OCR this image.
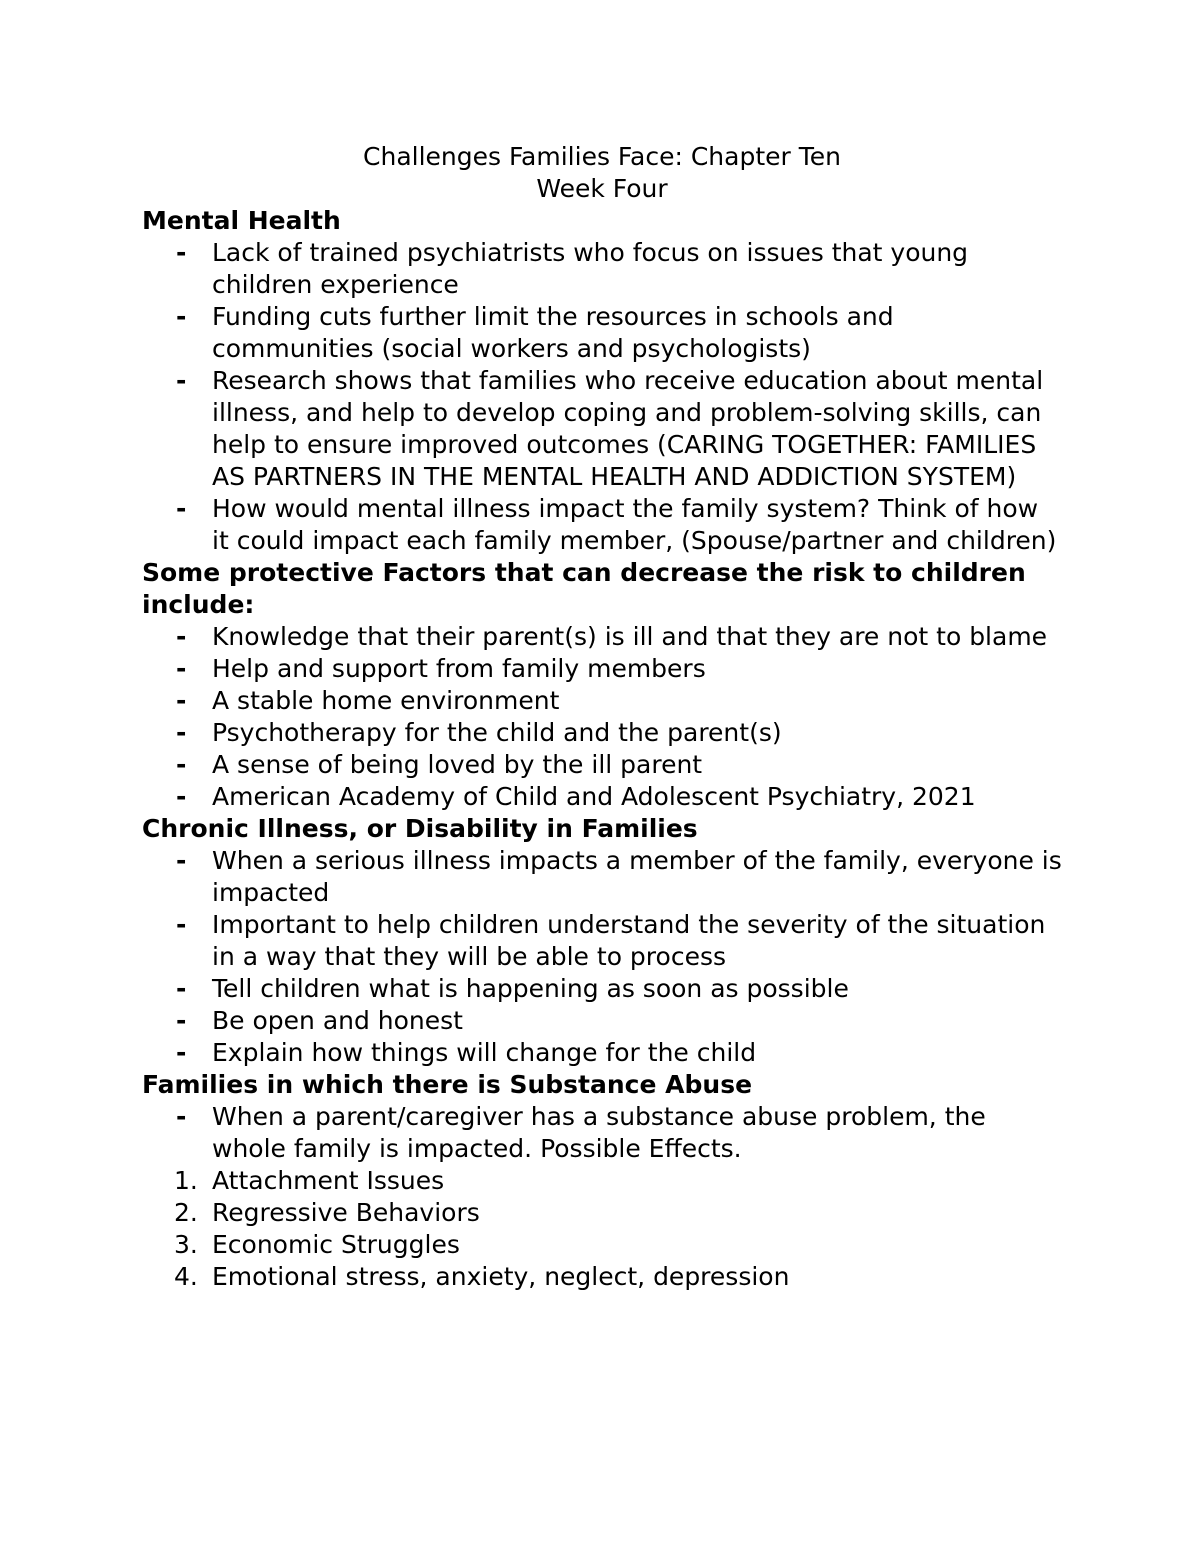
Challenges Families Face: Chapter Ten

Week Four

Mental Health

- Lack of trained psychiatrists who focus on issues that young children experience
- Funding cuts further limit the resources in schools and communities (social workers and psychologists)
- Research shows that families who receive education about mental illness, and help to develop coping and problem-solving skills, can help to ensure improved outcomes (CARING TOGETHER: FAMILIES AS PARTNERS IN THE MENTAL HEALTH AND ADDICTION SYSTEM)
- How would mental illness impact the family system? Think of how it could impact each family member, (Spouse/partner and children)

Some protective Factors that can decrease the risk to children include:

- Knowledge that their parent(s) is ill and that they are not to blame
- Help and support from family members
- A stable home environment
- Psychotherapy for the child and the parent(s)
- A sense of being loved by the ill parent
- American Academy of Child and Adolescent Psychiatry, 2021

Chronic Illness, or Disability in Families

- When a serious illness impacts a member of the family, everyone is impacted
- Important to help children understand the severity of the situation in a way that they will be able to process
- Tell children what is happening as soon as possible
- Be open and honest
- Explain how things will change for the child

Families in which there is Substance Abuse

- When a parent/caregiver has a substance abuse problem, the whole family is impacted. Possible Effects.
1. Attachment Issues
2. Regressive Behaviors
3. Economic Struggles
4. Emotional stress, anxiety, neglect, depression
